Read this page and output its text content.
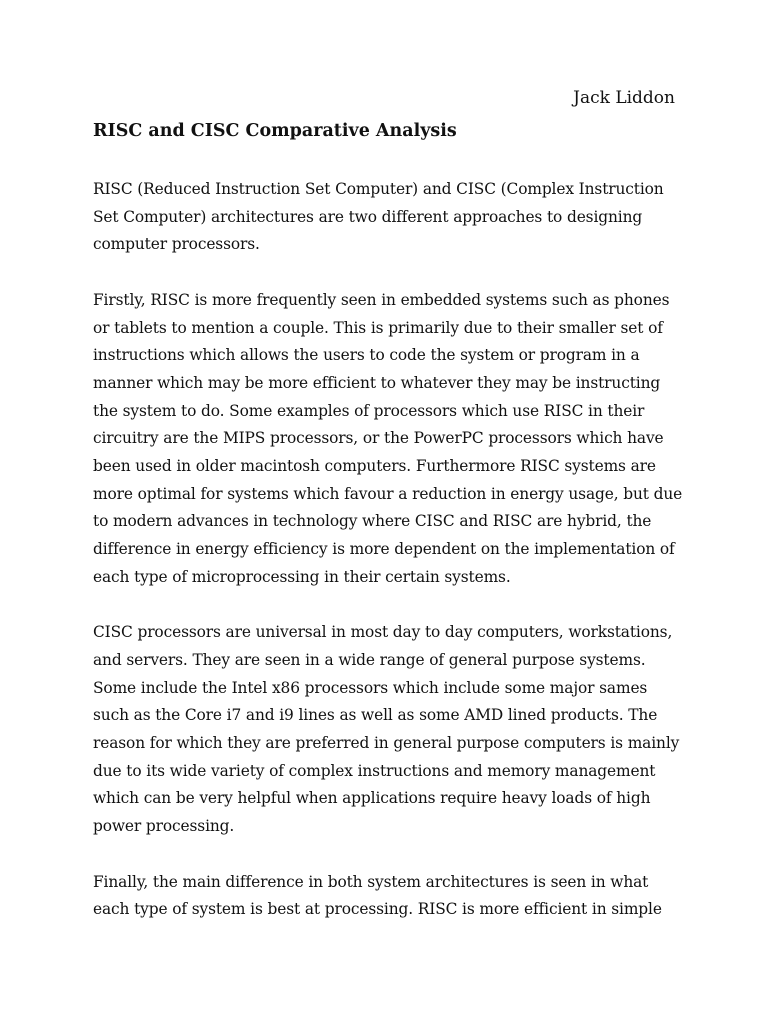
Jack Liddon

RISC and CISC Comparative Analysis

RISC (Reduced Instruction Set Computer) and CISC (Complex Instruction Set Computer) architectures are two different approaches to designing computer processors.

Firstly, RISC is more frequently seen in embedded systems such as phones or tablets to mention a couple. This is primarily due to their smaller set of instructions which allows the users to code the system or program in a manner which may be more efficient to whatever they may be instructing the system to do. Some examples of processors which use RISC in their circuitry are the MIPS processors, or the PowerPC processors which have been used in older macintosh computers. Furthermore RISC systems are more optimal for systems which favour a reduction in energy usage, but due to modern advances in technology where CISC and RISC are hybrid, the difference in energy efficiency is more dependent on the implementation of each type of microprocessing in their certain systems.

CISC processors are universal in most day to day computers, workstations, and servers. They are seen in a wide range of general purpose systems. Some include the Intel x86 processors which include some major sames such as the Core i7 and i9 lines as well as some AMD lined products. The reason for which they are preferred in general purpose computers is mainly due to its wide variety of complex instructions and memory management which can be very helpful when applications require heavy loads of high power processing.

Finally, the main difference in both system architectures is seen in what each type of system is best at processing. RISC is more efficient in simple
